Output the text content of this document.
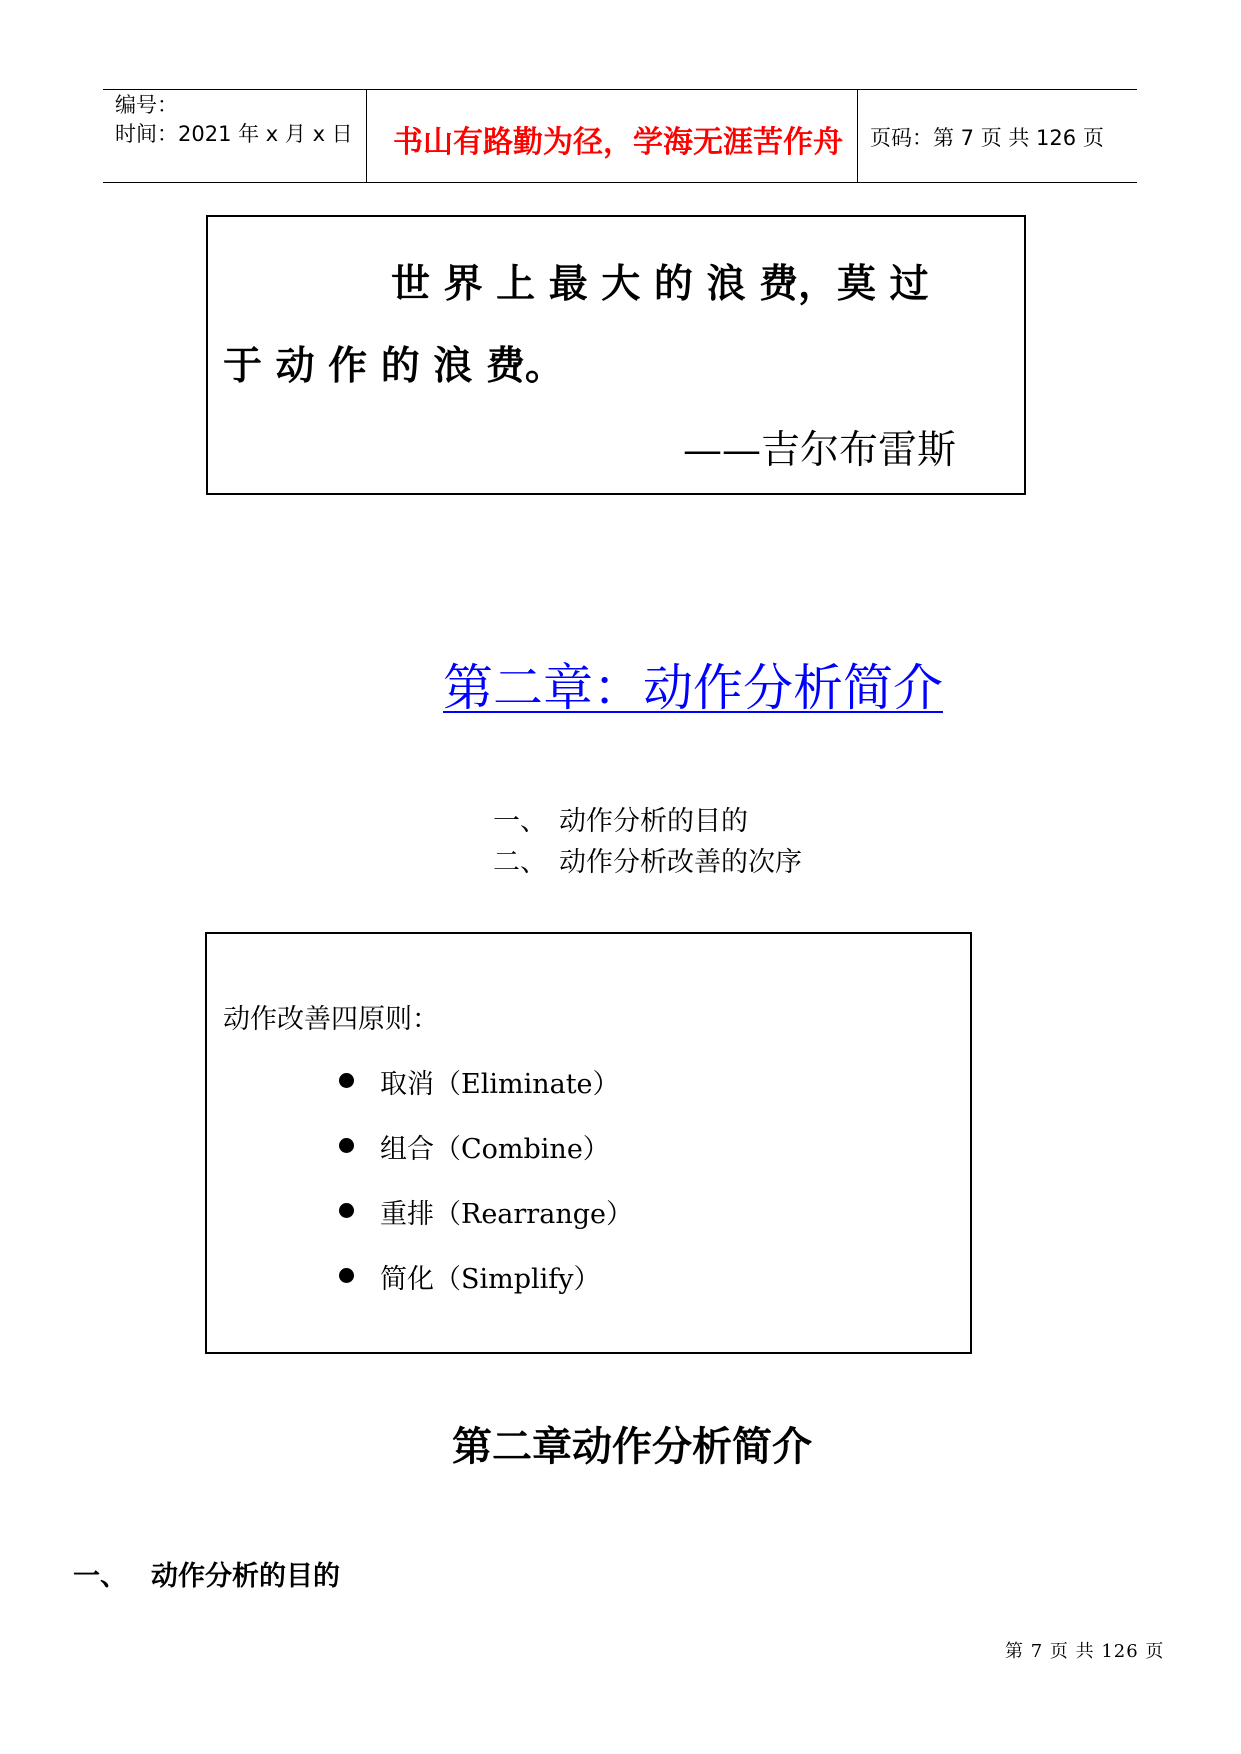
编号：
时间：2021 年 x 月 x 日 书山有路勤为径，学海无涯苦作舟 页码：第 7 页 共 126 页
世 界 上 最 大 的 浪 费，莫 过
于 动 作 的 浪 费。
——吉尔布雷斯
第二章：动作分析简介
一、 动作分析的目的
二、 动作分析改善的次序
动作改善四原则：
取消（Eliminate）
组合（Combine）
重排（Rearrange）
简化（Simplify）
第二章动作分析简介
一、 动作分析的目的
第 7 页 共 126 页
